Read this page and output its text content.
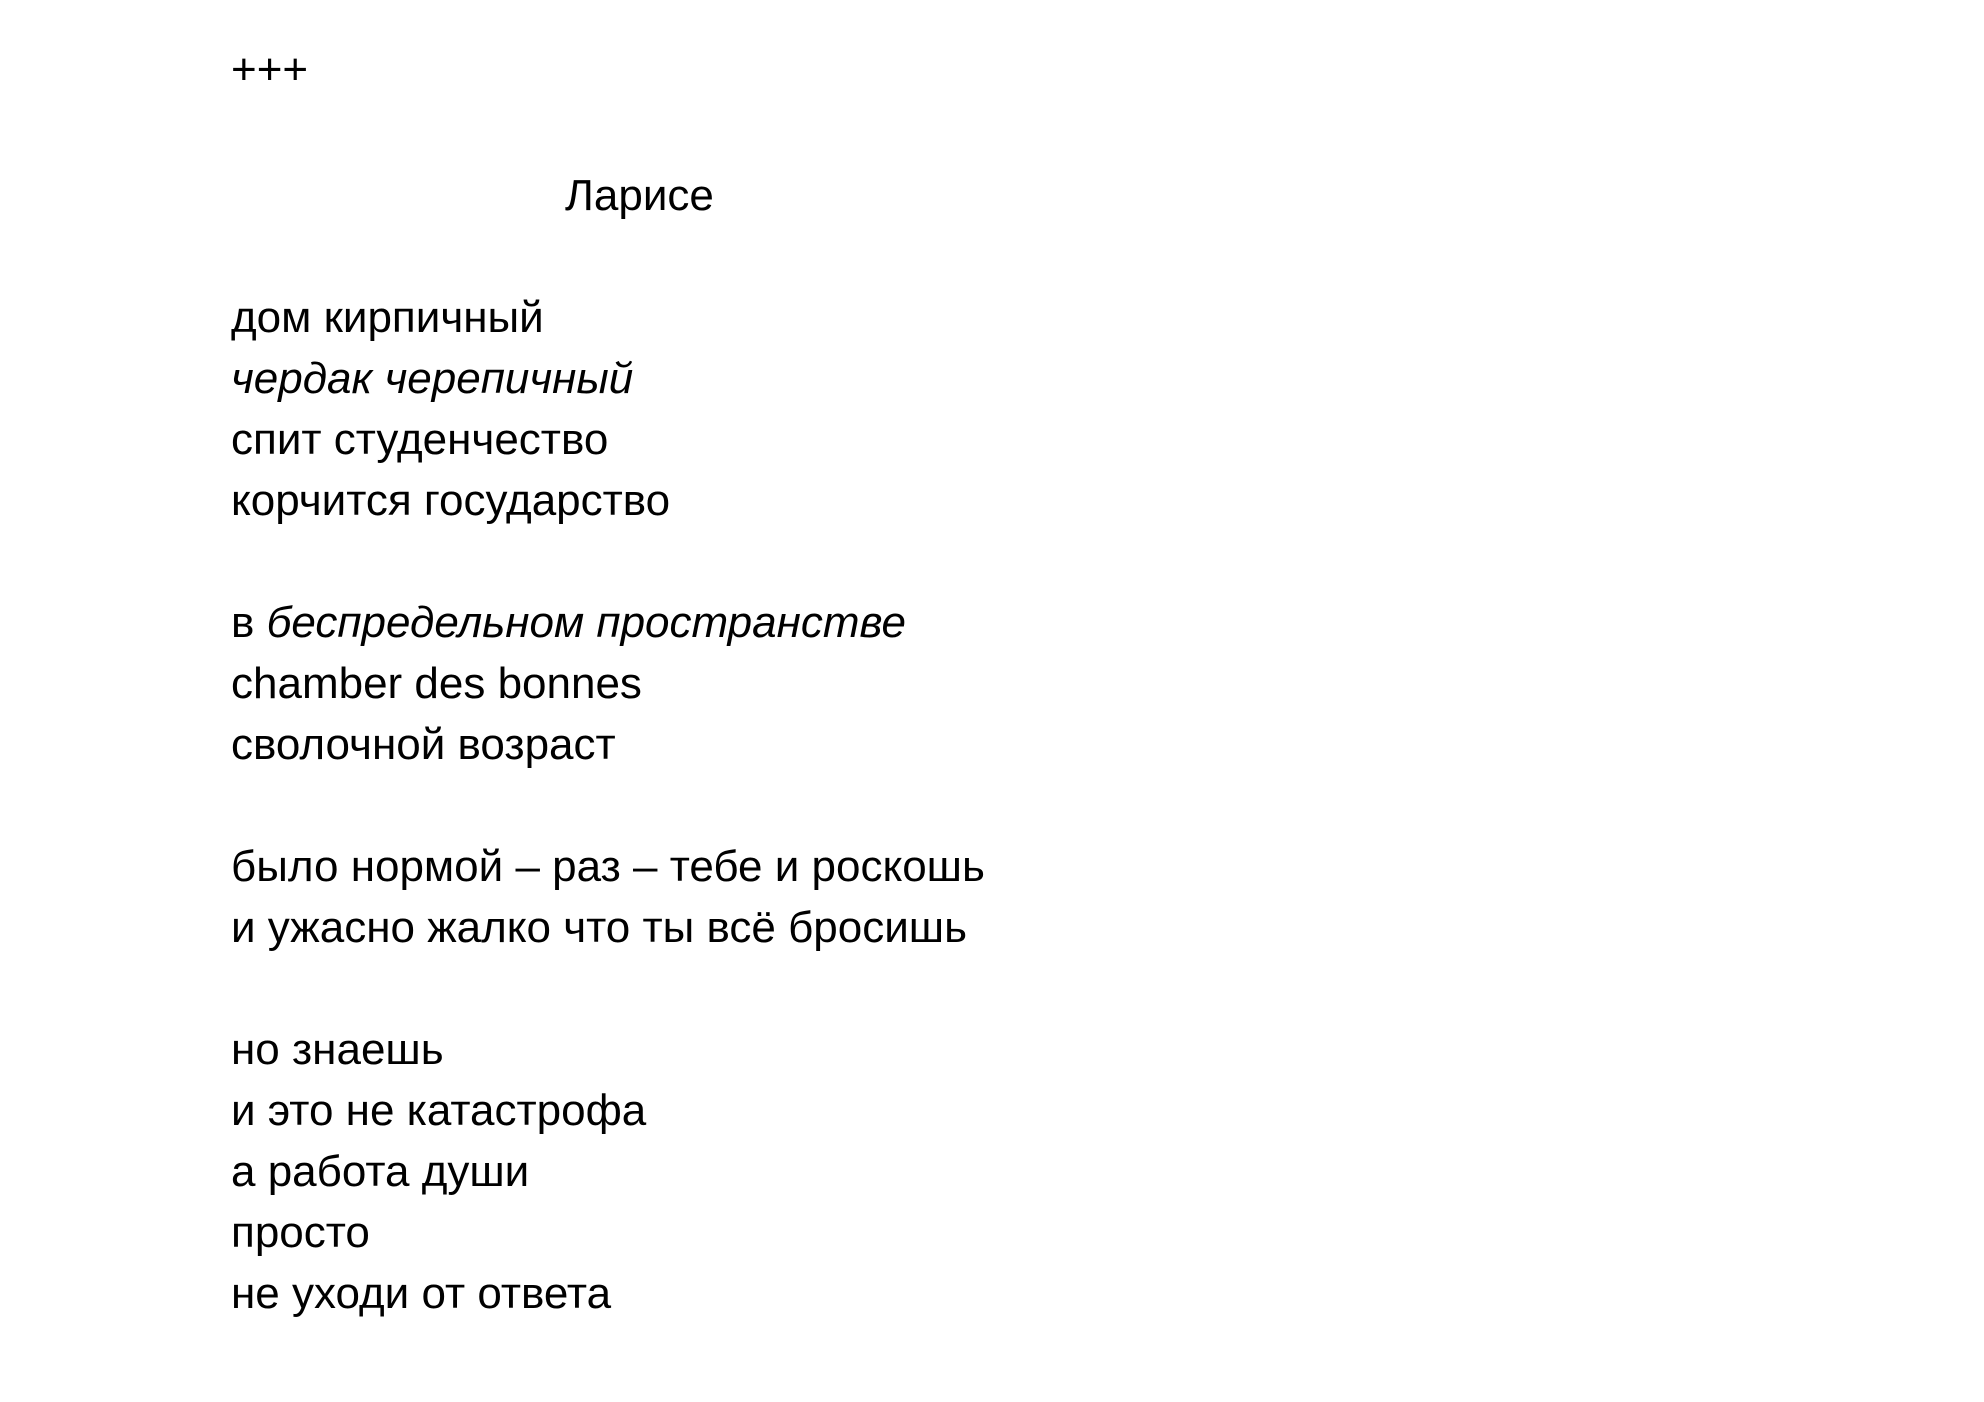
+++
Ларисе
дом кирпичный
чердак черепичный
спит студенчество
корчится государство
в беспредельном пространстве
chamber des bonnes
сволочной возраст
было нормой – раз – тебе и роскошь
и ужасно жалко что ты всё бросишь
но знаешь
и это не катастрофа
а работа души
просто
не уходи от ответа
